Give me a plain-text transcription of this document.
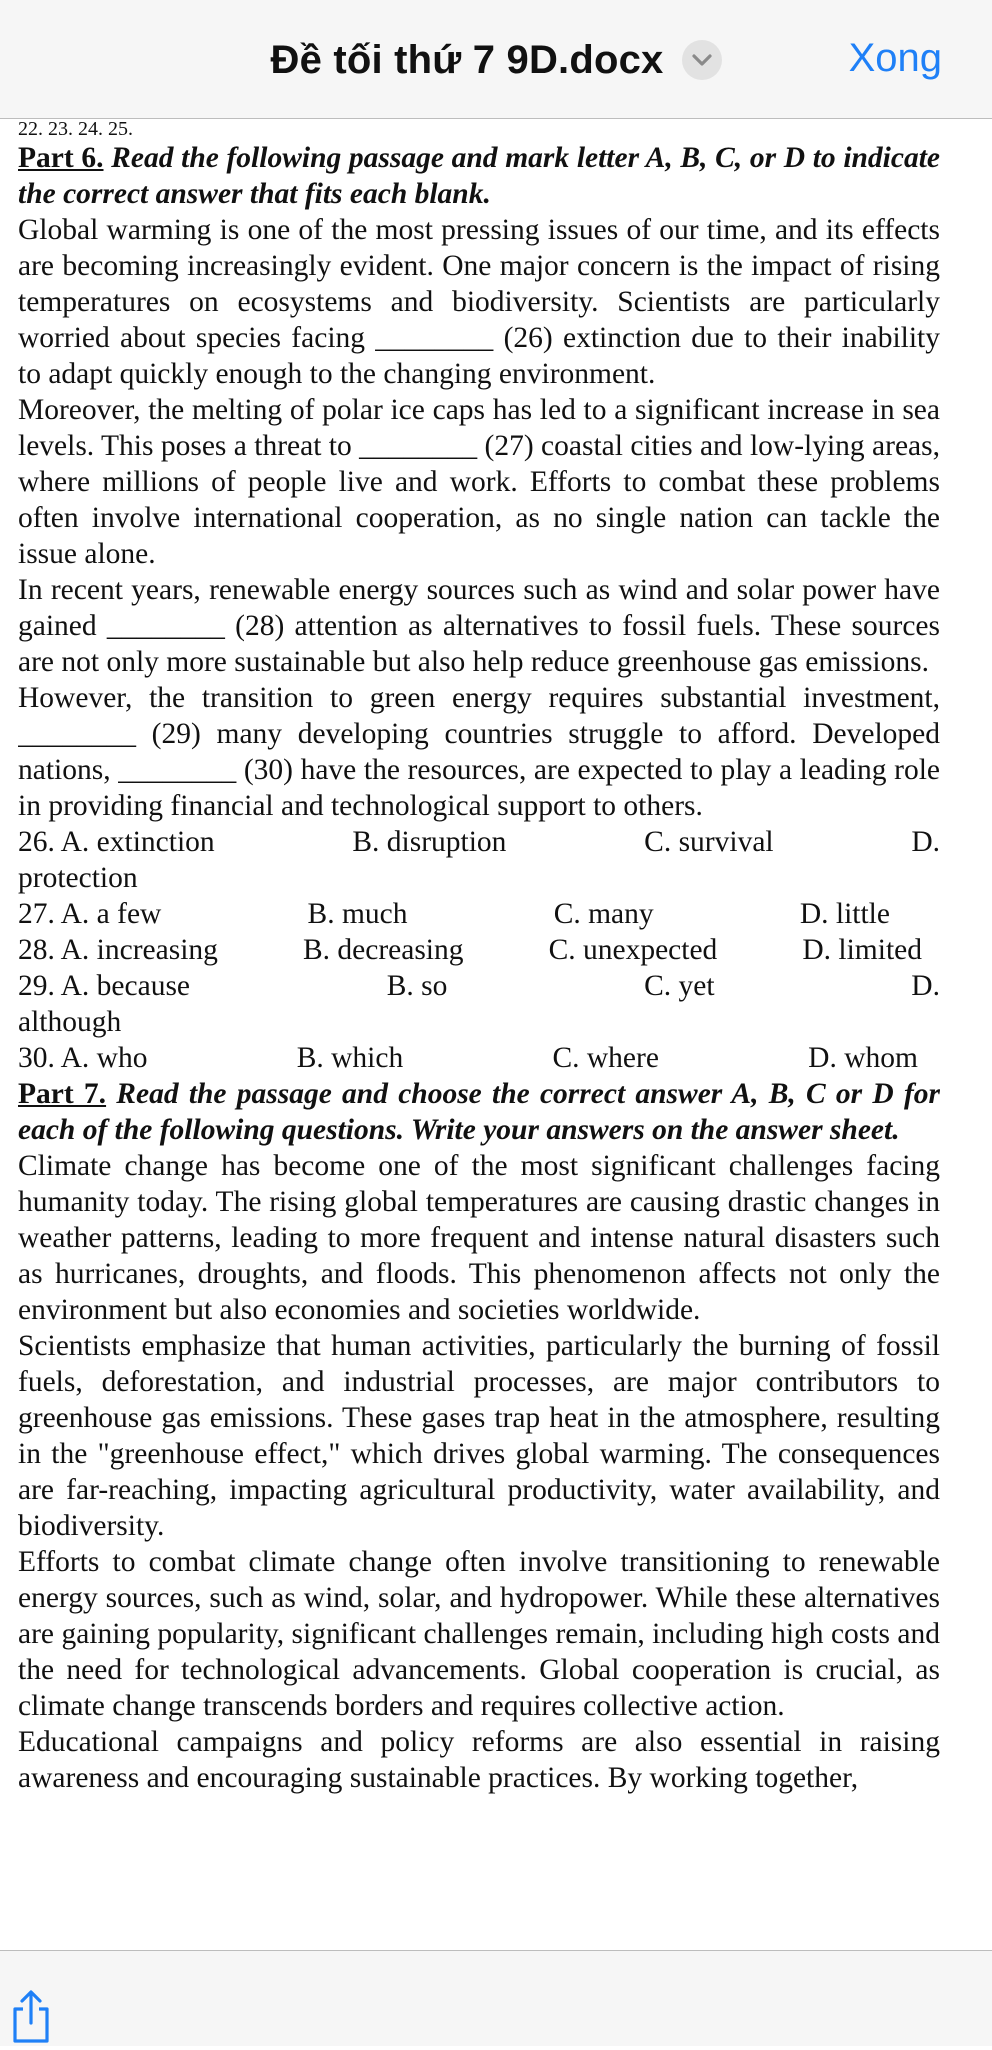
Đề tối thứ 7 9D.docx	Xong

22. 23. 24. 25.

Part 6. Read the following passage and mark letter A, B, C, or D to indicate the correct answer that fits each blank.

Global warming is one of the most pressing issues of our time, and its effects are becoming increasingly evident. One major concern is the impact of rising temperatures on ecosystems and biodiversity. Scientists are particularly worried about species facing ________ (26) extinction due to their inability to adapt quickly enough to the changing environment.

Moreover, the melting of polar ice caps has led to a significant increase in sea levels. This poses a threat to ________ (27) coastal cities and low-lying areas, where millions of people live and work. Efforts to combat these problems often involve international cooperation, as no single nation can tackle the issue alone.

In recent years, renewable energy sources such as wind and solar power have gained ________ (28) attention as alternatives to fossil fuels. These sources are not only more sustainable but also help reduce greenhouse gas emissions.

However, the transition to green energy requires substantial investment, ________ (29) many developing countries struggle to afford. Developed nations, ________ (30) have the resources, are expected to play a leading role in providing financial and technological support to others.

26. A. extinction	B. disruption	C. survival	D.

protection

27. A. a few	B. much	C. many	D. little
28. A. increasing	B. decreasing	C. unexpected	D. limited
29. A. because	B. so	C. yet	D.

although

30. A. who	B. which	C. where	D. whom

Part 7. Read the passage and choose the correct answer A, B, C or D for each of the following questions. Write your answers on the answer sheet.

Climate change has become one of the most significant challenges facing humanity today. The rising global temperatures are causing drastic changes in weather patterns, leading to more frequent and intense natural disasters such as hurricanes, droughts, and floods. This phenomenon affects not only the environment but also economies and societies worldwide.

Scientists emphasize that human activities, particularly the burning of fossil fuels, deforestation, and industrial processes, are major contributors to greenhouse gas emissions. These gases trap heat in the atmosphere, resulting in the "greenhouse effect," which drives global warming. The consequences are far-reaching, impacting agricultural productivity, water availability, and biodiversity.

Efforts to combat climate change often involve transitioning to renewable energy sources, such as wind, solar, and hydropower. While these alternatives are gaining popularity, significant challenges remain, including high costs and the need for technological advancements. Global cooperation is crucial, as climate change transcends borders and requires collective action.

Educational campaigns and policy reforms are also essential in raising awareness and encouraging sustainable practices. By working together,
